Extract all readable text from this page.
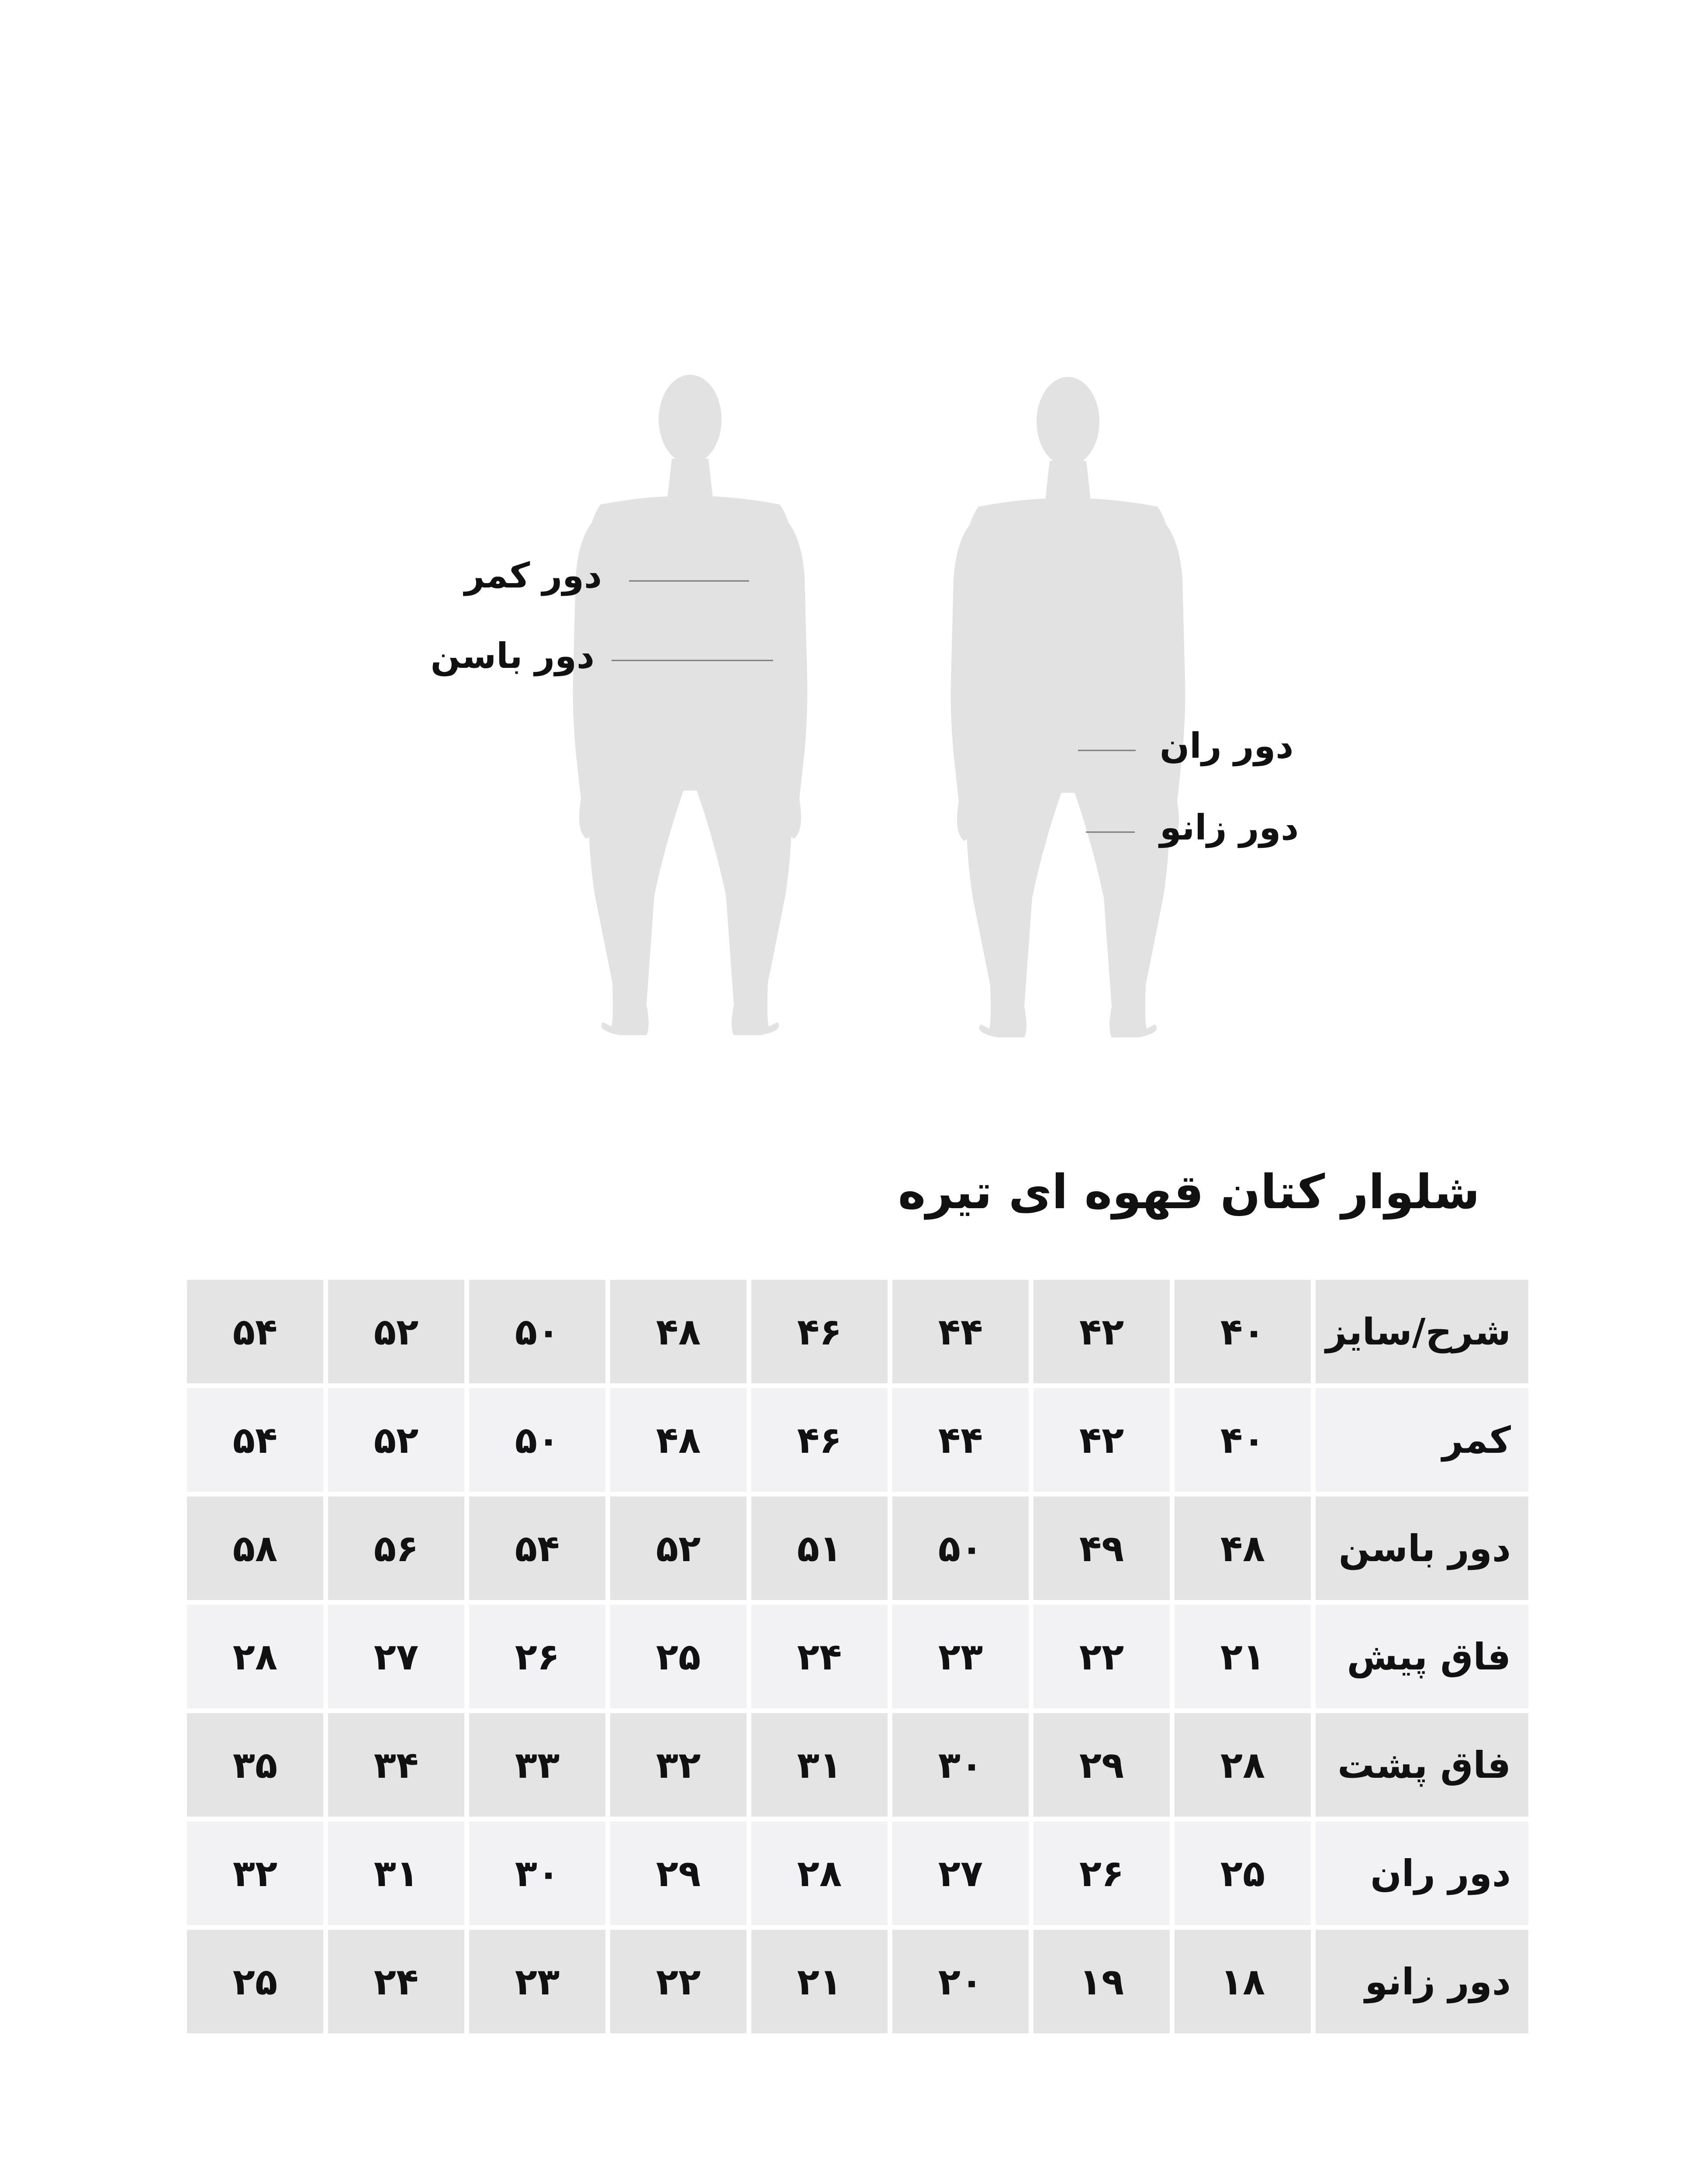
دور کمر
دور باسن
دور ران
دور زانو
شلوار کتان قهوه ای تیره
شرح/سایز	۴۰	۴۲	۴۴	۴۶	۴۸	۵۰	۵۲	۵۴
کمر	۴۰	۴۲	۴۴	۴۶	۴۸	۵۰	۵۲	۵۴
دور باسن	۴۸	۴۹	۵۰	۵۱	۵۲	۵۴	۵۶	۵۸
فاق پیش	۲۱	۲۲	۲۳	۲۴	۲۵	۲۶	۲۷	۲۸
فاق پشت	۲۸	۲۹	۳۰	۳۱	۳۲	۳۳	۳۴	۳۵
دور ران	۲۵	۲۶	۲۷	۲۸	۲۹	۳۰	۳۱	۳۲
دور زانو	۱۸	۱۹	۲۰	۲۱	۲۲	۲۳	۲۴	۲۵
